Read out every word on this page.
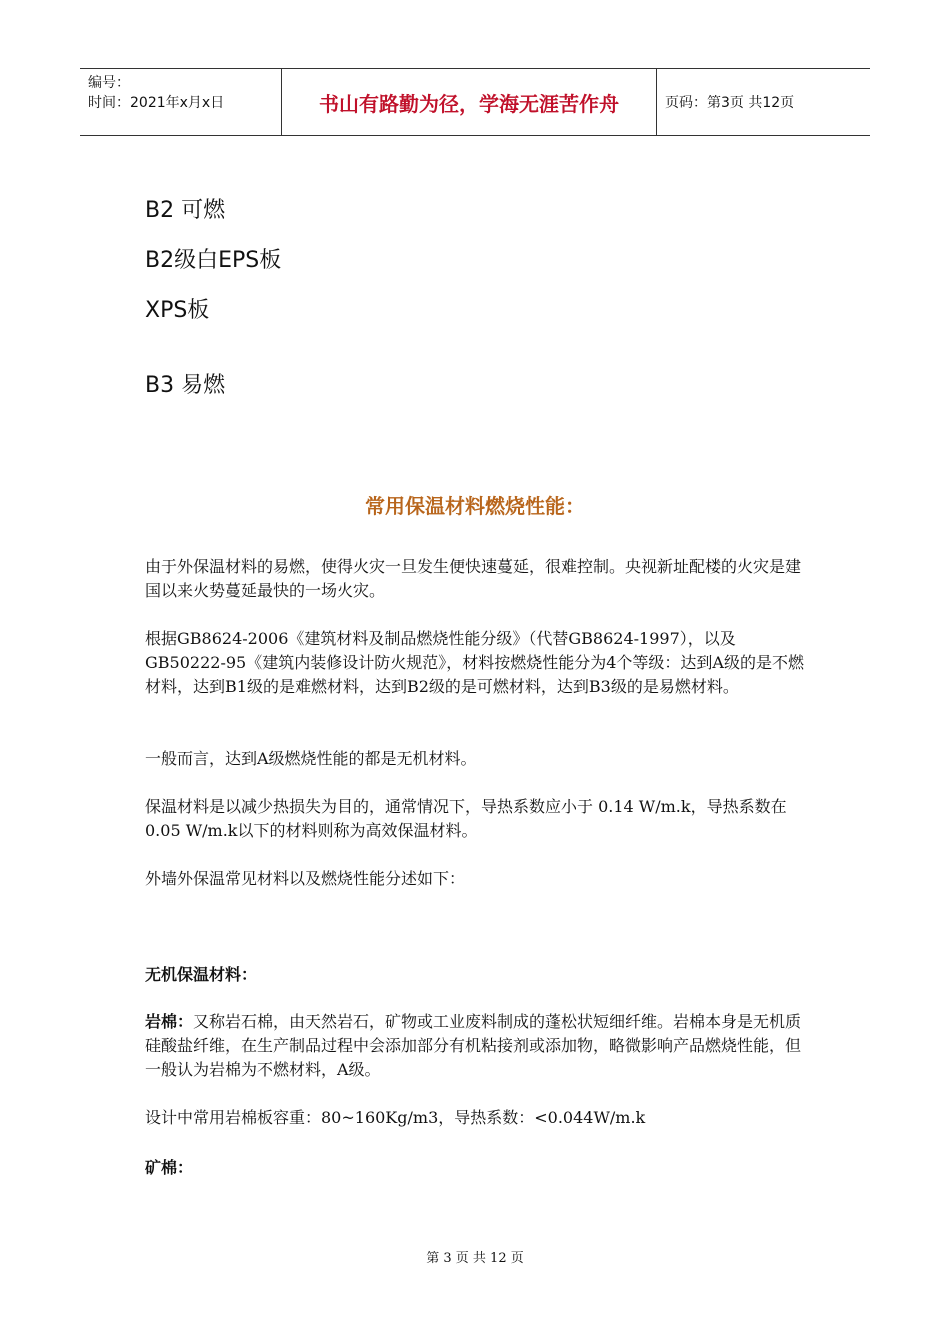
编号：
时间：2021年x月x日	书山有路勤为径，学海无涯苦作舟	页码：第3页 共12页
B2 可燃
B2级白EPS板
XPS板
B3 易燃
常用保温材料燃烧性能：
由于外保温材料的易燃，使得火灾一旦发生便快速蔓延，很难控制。央视新址配楼的火灾是建国以来火势蔓延最快的一场火灾。
根据GB8624-2006《建筑材料及制品燃烧性能分级》（代替GB8624-1997），以及GB50222-95《建筑内装修设计防火规范》，材料按燃烧性能分为4个等级：达到A级的是不燃材料，达到B1级的是难燃材料，达到B2级的是可燃材料，达到B3级的是易燃材料。
一般而言，达到A级燃烧性能的都是无机材料。
保温材料是以减少热损失为目的，通常情况下，导热系数应小于 0.14 W/m.k，导热系数在0.05 W/m.k以下的材料则称为高效保温材料。
外墙外保温常见材料以及燃烧性能分述如下：
无机保温材料：
岩棉：又称岩石棉，由天然岩石，矿物或工业废料制成的蓬松状短细纤维。岩棉本身是无机质硅酸盐纤维，在生产制品过程中会添加部分有机粘接剂或添加物，略微影响产品燃烧性能，但一般认为岩棉为不燃材料，A级。
设计中常用岩棉板容重：80~160Kg/m3，导热系数：<0.044W/m.k
矿棉：
第 3 页 共 12 页
